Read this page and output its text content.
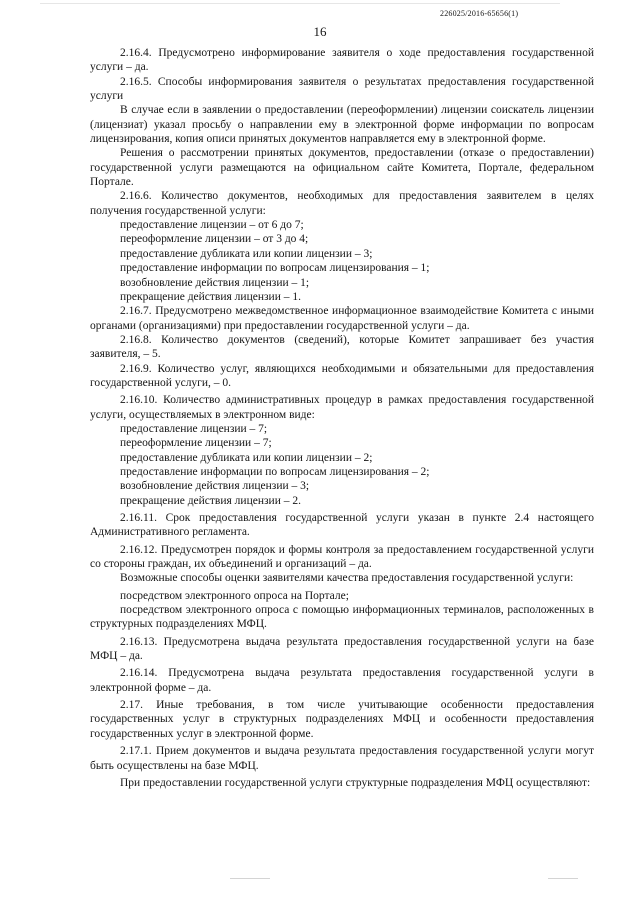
226025/2016-65656(1)
16

2.16.4. Предусмотрено информирование заявителя о ходе предоставления государственной услуги – да.

2.16.5. Способы информирования заявителя о результатах предоставления государственной услуги

В случае если в заявлении о предоставлении (переоформлении) лицензии соискатель лицензии (лицензиат) указал просьбу о направлении ему в электронной форме информации по вопросам лицензирования, копия описи принятых документов направляется ему в электронной форме.

Решения о рассмотрении принятых документов, предоставлении (отказе о предоставлении) государственной услуги размещаются на официальном сайте Комитета, Портале, федеральном Портале.

2.16.6. Количество документов, необходимых для предоставления заявителем в целях получения государственной услуги:

предоставление лицензии – от 6 до 7;

переоформление лицензии – от 3 до 4;

предоставление дубликата или копии лицензии – 3;

предоставление информации по вопросам лицензирования – 1;

возобновление действия лицензии – 1;

прекращение действия лицензии – 1.

2.16.7. Предусмотрено межведомственное информационное взаимодействие Комитета с иными органами (организациями) при предоставлении государственной услуги – да.

2.16.8. Количество документов (сведений), которые Комитет запрашивает без участия заявителя, – 5.

2.16.9. Количество услуг, являющихся необходимыми и обязательными для предоставления государственной услуги, – 0.

2.16.10. Количество административных процедур в рамках предоставления государственной услуги, осуществляемых в электронном виде:

предоставление лицензии – 7;

переоформление лицензии – 7;

предоставление дубликата или копии лицензии – 2;

предоставление информации по вопросам лицензирования – 2;

возобновление действия лицензии – 3;

прекращение действия лицензии – 2.

2.16.11. Срок предоставления государственной услуги указан в пункте 2.4 настоящего Административного регламента.

2.16.12. Предусмотрен порядок и формы контроля за предоставлением государственной услуги со стороны граждан, их объединений и организаций – да.

Возможные способы оценки заявителями качества предоставления государственной услуги:

посредством электронного опроса на Портале;

посредством электронного опроса с помощью информационных терминалов, расположенных в структурных подразделениях МФЦ.

2.16.13. Предусмотрена выдача результата предоставления государственной услуги на базе МФЦ – да.

2.16.14. Предусмотрена выдача результата предоставления государственной услуги в электронной форме – да.

2.17. Иные требования, в том числе учитывающие особенности предоставления государственных услуг в структурных подразделениях МФЦ и особенности предоставления государственных услуг в электронной форме.

2.17.1. Прием документов и выдача результата предоставления государственной услуги могут быть осуществлены на базе МФЦ.

При предоставлении государственной услуги структурные подразделения МФЦ осуществляют:
